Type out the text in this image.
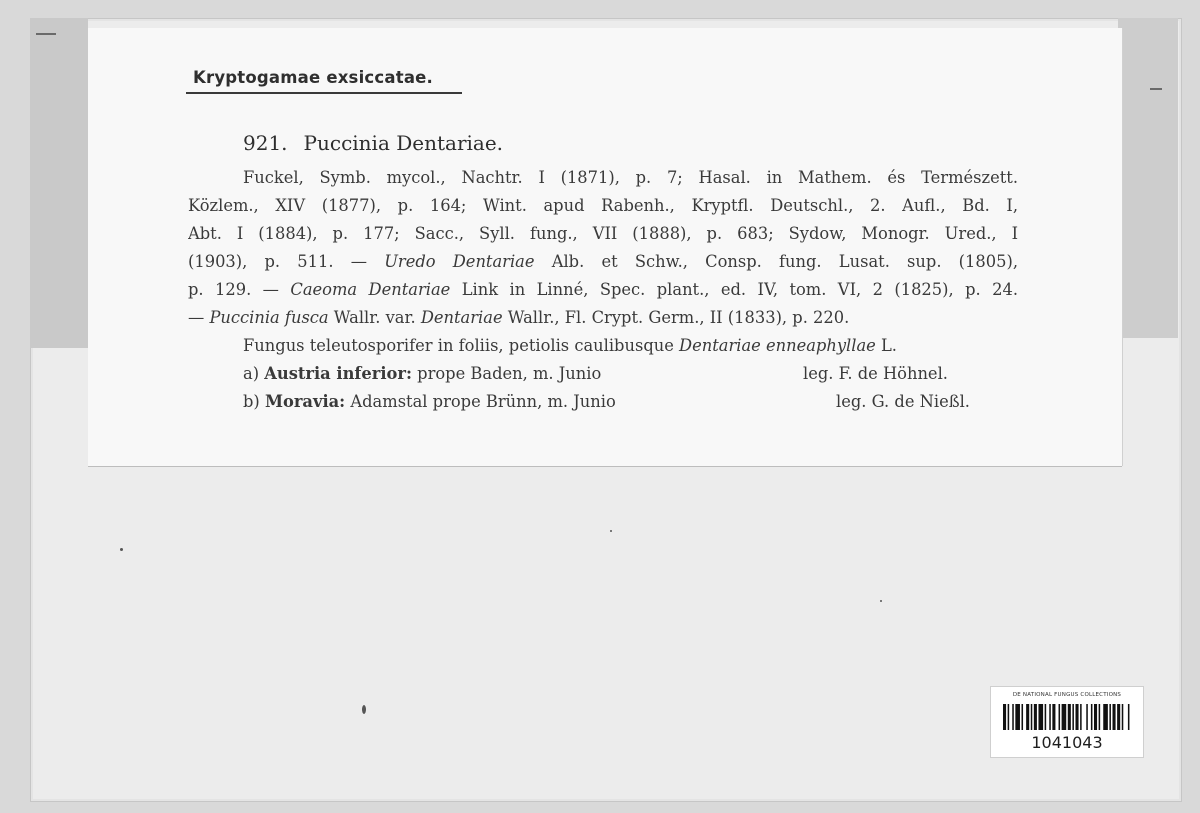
Kryptogamae exsiccatae.
921. Puccinia Dentariae.
Fuckel, Symb. mycol., Nachtr. I (1871), p. 7; Hasal. in Mathem. és Természett.
Közlem., XIV (1877), p. 164; Wint. apud Rabenh., Kryptfl. Deutschl., 2. Aufl., Bd. I,
Abt. I (1884), p. 177; Sacc., Syll. fung., VII (1888), p. 683; Sydow, Monogr. Ured., I
(1903), p. 511. — Uredo Dentariae Alb. et Schw., Consp. fung. Lusat. sup. (1805),
p. 129. — Caeoma Dentariae Link in Linné, Spec. plant., ed. IV, tom. VI, 2 (1825), p. 24.
— Puccinia fusca Wallr. var. Dentariae Wallr., Fl. Crypt. Germ., II (1833), p. 220.
Fungus teleutosporifer in foliis, petiolis caulibusque Dentariae enneaphyllae L.
a) Austria inferior: prope Baden, m. Junio	leg. F. de Höhnel.
b) Moravia: Adamstal prope Brünn, m. Junio	leg. G. de Nießl.
DE NATIONAL FUNGUS COLLECTIONS
1041043
